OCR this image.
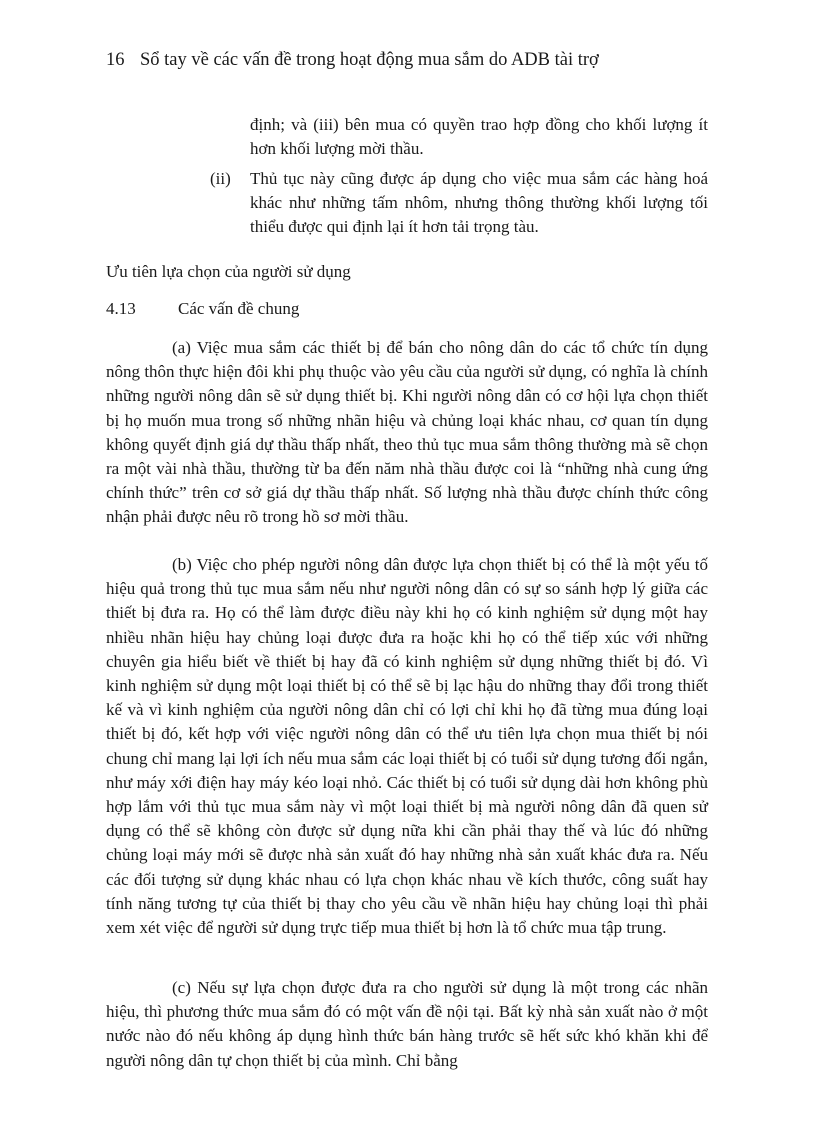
16 Sổ tay về các vấn đề trong hoạt động mua sắm do ADB tài trợ
định; và (iii) bên mua có quyền trao hợp đồng cho khối lượng ít hơn khối lượng mời thầu.
(ii) Thủ tục này cũng được áp dụng cho việc mua sắm các hàng hoá khác như những tấm nhôm, nhưng thông thường khối lượng tối thiểu được qui định lại ít hơn tải trọng tàu.
Ưu tiên lựa chọn của người sử dụng
4.13 Các vấn đề chung

(a) Việc mua sắm các thiết bị để bán cho nông dân do các tổ chức tín dụng nông thôn thực hiện đôi khi phụ thuộc vào yêu cầu của người sử dụng, có nghĩa là chính những người nông dân sẽ sử dụng thiết bị. Khi người nông dân có cơ hội lựa chọn thiết bị họ muốn mua trong số những nhãn hiệu và chủng loại khác nhau, cơ quan tín dụng không quyết định giá dự thầu thấp nhất, theo thủ tục mua sắm thông thường mà sẽ chọn ra một vài nhà thầu, thường từ ba đến năm nhà thầu được coi là “những nhà cung ứng chính thức” trên cơ sở giá dự thầu thấp nhất. Số lượng nhà thầu được chính thức công nhận phải được nêu rõ trong hồ sơ mời thầu.

(b) Việc cho phép người nông dân được lựa chọn thiết bị có thể là một yếu tố hiệu quả trong thủ tục mua sắm nếu như người nông dân có sự so sánh hợp lý giữa các thiết bị đưa ra. Họ có thể làm được điều này khi họ có kinh nghiệm sử dụng một hay nhiều nhãn hiệu hay chủng loại được đưa ra hoặc khi họ có thể tiếp xúc với những chuyên gia hiểu biết về thiết bị hay đã có kinh nghiệm sử dụng những thiết bị đó. Vì kinh nghiệm sử dụng một loại thiết bị có thể sẽ bị lạc hậu do những thay đổi trong thiết kế và vì kinh nghiệm của người nông dân chỉ có lợi chỉ khi họ đã từng mua đúng loại thiết bị đó, kết hợp với việc người nông dân có thể ưu tiên lựa chọn mua thiết bị nói chung chỉ mang lại lợi ích nếu mua sắm các loại thiết bị có tuổi sử dụng tương đối ngắn, như máy xới điện hay máy kéo loại nhỏ. Các thiết bị có tuổi sử dụng dài hơn không phù hợp lắm với thủ tục mua sắm này vì một loại thiết bị mà người nông dân đã quen sử dụng có thể sẽ không còn được sử dụng nữa khi cần phải thay thế và lúc đó những chủng loại máy mới sẽ được nhà sản xuất đó hay những nhà sản xuất khác đưa ra. Nếu các đối tượng sử dụng khác nhau có lựa chọn khác nhau về kích thước, công suất hay tính năng tương tự của thiết bị thay cho yêu cầu về nhãn hiệu hay chủng loại thì phải xem xét việc để người sử dụng trực tiếp mua thiết bị hơn là tổ chức mua tập trung.

(c) Nếu sự lựa chọn được đưa ra cho người sử dụng là một trong các nhãn hiệu, thì phương thức mua sắm đó có một vấn đề nội tại. Bất kỳ nhà sản xuất nào ở một nước nào đó nếu không áp dụng hình thức bán hàng trước sẽ hết sức khó khăn khi để người nông dân tự chọn thiết bị của mình. Chỉ bằng
